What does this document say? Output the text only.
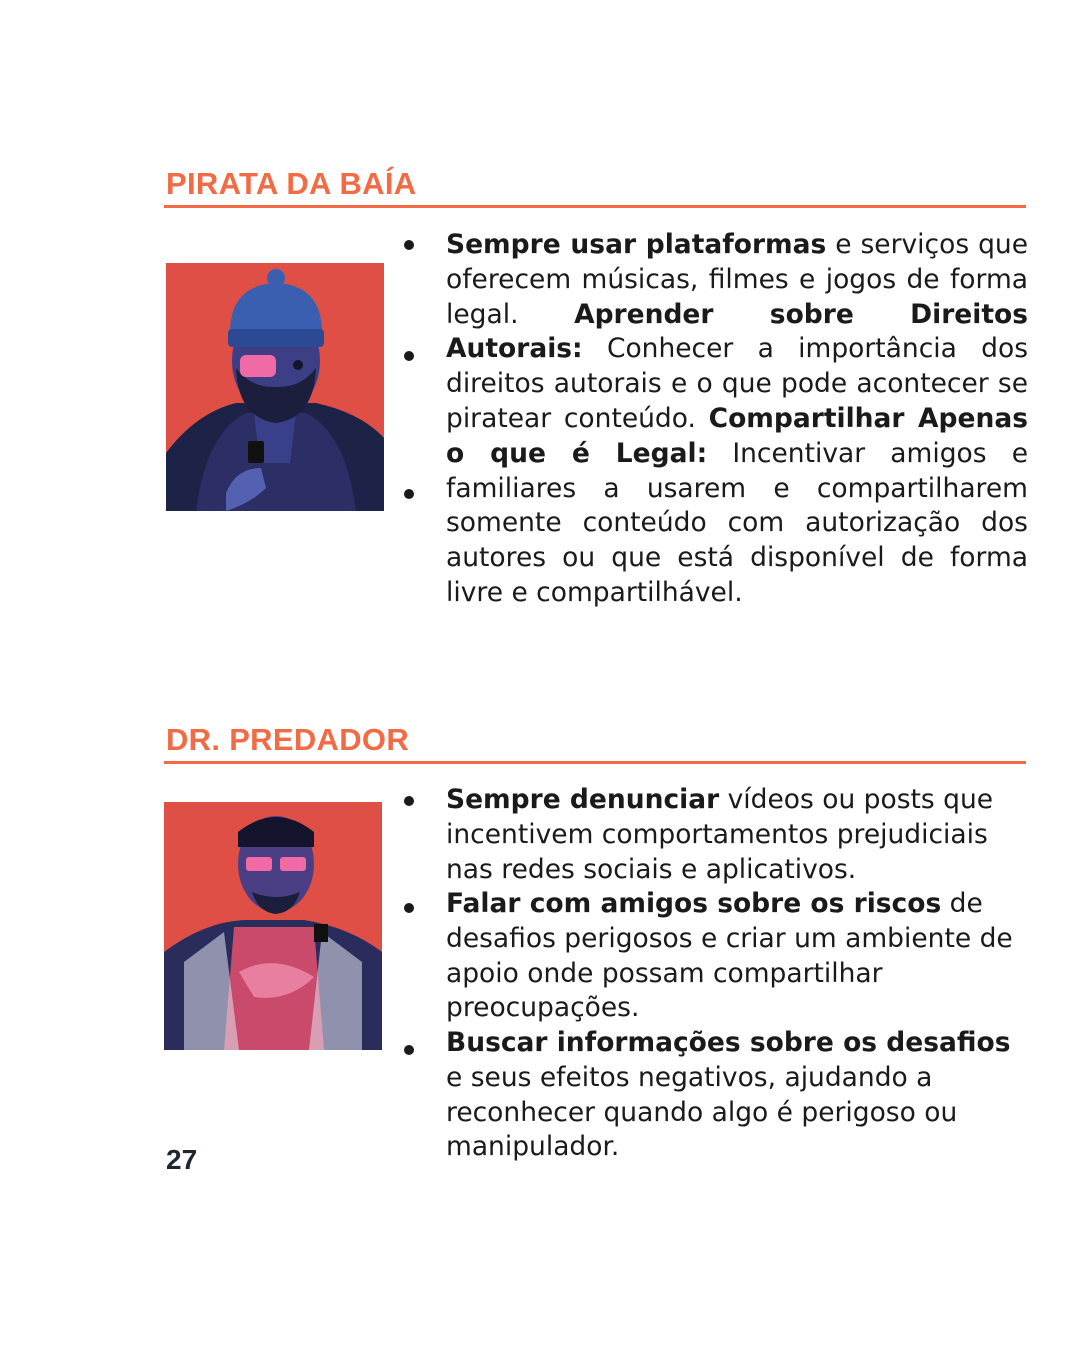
PIRATA DA BAÍA

Sempre usar plataformas e serviços que oferecem músicas, filmes e jogos de forma legal. Aprender sobre Direitos Autorais: Conhecer a importância dos direitos autorais e o que pode acontecer se piratear conteúdo. Compartilhar Apenas o que é Legal: Incentivar amigos e familiares a usarem e compartilharem somente conteúdo com autorização dos autores ou que está disponível de forma livre e compartilhável.

DR. PREDADOR

Sempre denunciar vídeos ou posts que incentivem comportamentos prejudiciais nas redes sociais e aplicativos.

Falar com amigos sobre os riscos de desafios perigosos e criar um ambiente de apoio onde possam compartilhar preocupações.

Buscar informações sobre os desafios e seus efeitos negativos, ajudando a reconhecer quando algo é perigoso ou manipulador.

27
